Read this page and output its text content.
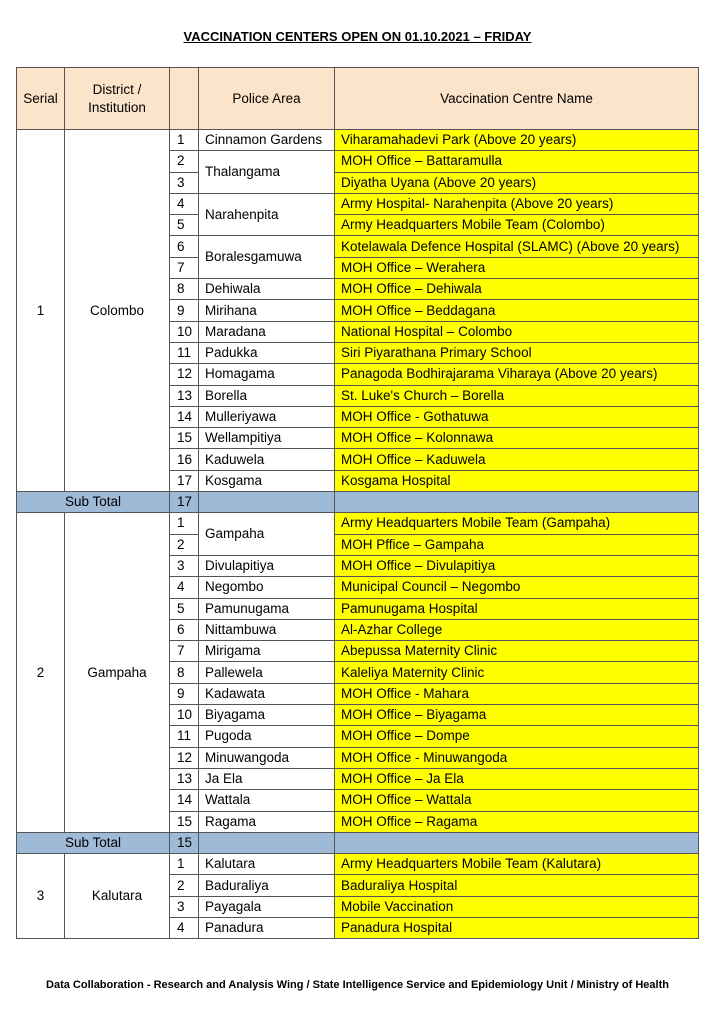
VACCINATION CENTERS OPEN ON 01.10.2021 – FRIDAY
Serial	District / Institution		Police Area	Vaccination Centre Name
1	Colombo	1	Cinnamon Gardens	Viharamahadevi Park (Above 20 years)
		2	Thalangama	MOH Office – Battaramulla
		3		Diyatha Uyana (Above 20 years)
		4	Narahenpita	Army Hospital- Narahenpita (Above 20 years)
		5		Army Headquarters Mobile Team (Colombo)
		6	Boralesgamuwa	Kotelawala Defence Hospital (SLAMC) (Above 20 years)
		7		MOH Office – Werahera
		8	Dehiwala	MOH Office – Dehiwala
		9	Mirihana	MOH Office – Beddagana
		10	Maradana	National Hospital – Colombo
		11	Padukka	Siri Piyarathana Primary School
		12	Homagama	Panagoda Bodhirajarama Viharaya (Above 20 years)
		13	Borella	St. Luke's Church – Borella
		14	Mulleriyawa	MOH Office - Gothatuwa
		15	Wellampitiya	MOH Office – Kolonnawa
		16	Kaduwela	MOH Office – Kaduwela
		17	Kosgama	Kosgama Hospital
Sub Total		17		
2	Gampaha	1	Gampaha	Army Headquarters Mobile Team (Gampaha)
		2		MOH Pffice – Gampaha
		3	Divulapitiya	MOH Office – Divulapitiya
		4	Negombo	Municipal Council – Negombo
		5	Pamunugama	Pamunugama Hospital
		6	Nittambuwa	Al-Azhar College
		7	Mirigama	Abepussa Maternity Clinic
		8	Pallewela	Kaleliya Maternity Clinic
		9	Kadawata	MOH Office - Mahara
		10	Biyagama	MOH Office – Biyagama
		11	Pugoda	MOH Office – Dompe
		12	Minuwangoda	MOH Office - Minuwangoda
		13	Ja Ela	MOH Office – Ja Ela
		14	Wattala	MOH Office – Wattala
		15	Ragama	MOH Office – Ragama
Sub Total		15		
3	Kalutara	1	Kalutara	Army Headquarters Mobile Team (Kalutara)
		2	Baduraliya	Baduraliya Hospital
		3	Payagala	Mobile Vaccination
		4	Panadura	Panadura Hospital
Data Collaboration - Research and Analysis Wing / State Intelligence Service and Epidemiology Unit / Ministry of Health
